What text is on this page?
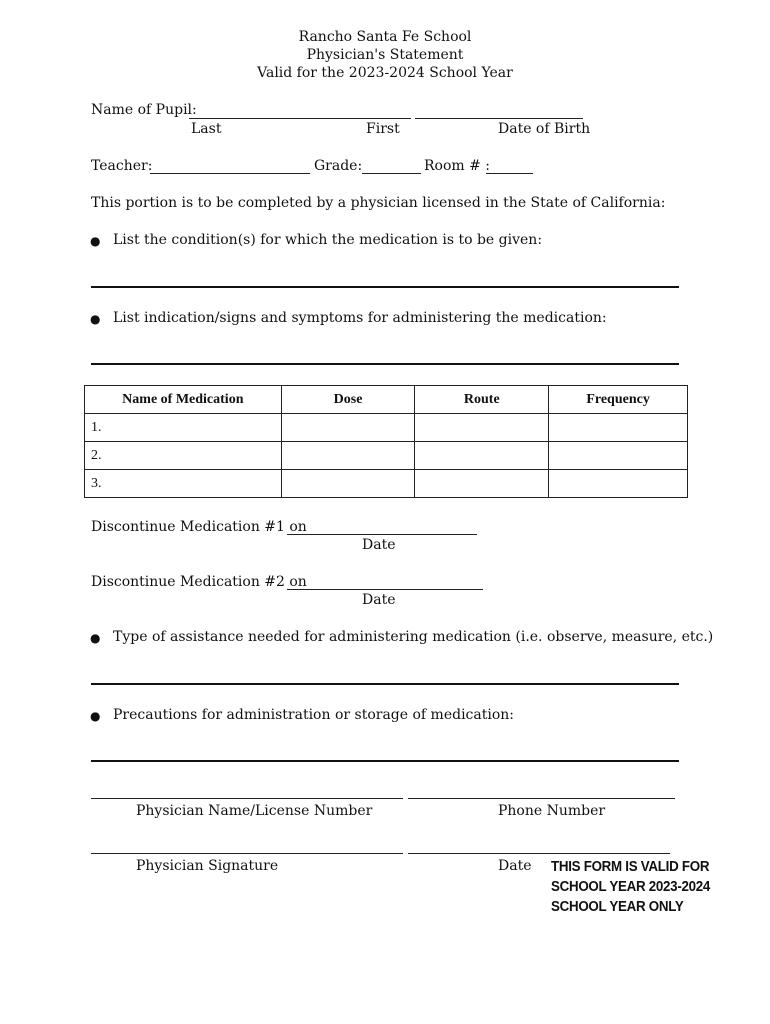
Rancho Santa Fe School
Physician's Statement
Valid for the 2023-2024 School Year
Name of Pupil:
Last	First	Date of Birth
Teacher:	Grade:	Room # :
This portion is to be completed by a physician licensed in the State of California:
● List the condition(s) for which the medication is to be given:
● List indication/signs and symptoms for administering the medication:
Name of Medication	Dose	Route	Frequency
1.			
2.			
3.			
Discontinue Medication #1 on
Date
Discontinue Medication #2 on
Date
● Type of assistance needed for administering medication (i.e. observe, measure, etc.)
● Precautions for administration or storage of medication:
Physician Name/License Number	Phone Number
Physician Signature	Date THIS FORM IS VALID FOR
SCHOOL YEAR 2023-2024
SCHOOL YEAR ONLY
